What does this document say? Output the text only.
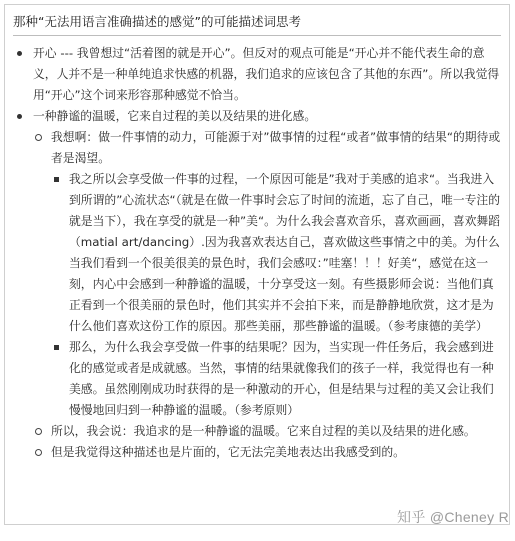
那种“无法用语言准确描述的感觉”的可能描述词思考

开心 --- 我曾想过“活着图的就是开心”。但反对的观点可能是“开心并不能代表生命的意义，人并不是一种单纯追求快感的机器，我们追求的应该包含了其他的东西”。所以我觉得用“开心”这个词来形容那种感觉不恰当。

一种静谧的温暖，它来自过程的美以及结果的进化感。

我想啊：做一件事情的动力，可能源于对”做事情的过程“或者”做事情的结果“的期待或者是渴望。

我之所以会享受做一件事的过程，一个原因可能是”我对于美感的追求“。当我进入到所谓的”心流状态“（就是在做一件事时会忘了时间的流逝，忘了自己，唯一专注的就是当下），我在享受的就是一种”美“。为什么我会喜欢音乐，喜欢画画，喜欢舞蹈（matial art/dancing）.因为我喜欢表达自己，喜欢做这些事情之中的美。为什么当我们看到一个很美很美的景色时，我们会感叹：”哇塞！！！好美“，感觉在这一刻，内心中会感到一种静谧的温暖，十分享受这一刻。有些摄影师会说：当他们真正看到一个很美丽的景色时，他们其实并不会拍下来，而是静静地欣赏，这才是为什么他们喜欢这份工作的原因。那些美丽，那些静谧的温暖。（参考康德的美学）

那么，为什么我会享受做一件事的结果呢？因为，当实现一件任务后，我会感到进化的感觉或者是成就感。当然，事情的结果就像我们的孩子一样，我觉得也有一种美感。虽然刚刚成功时获得的是一种激动的开心，但是结果与过程的美又会让我们慢慢地回归到一种静谧的温暖。（参考原则）

所以，我会说：我追求的是一种静谧的温暖。它来自过程的美以及结果的进化感。

但是我觉得这种描述也是片面的，它无法完美地表达出我感受到的。

知乎 @Cheney R
